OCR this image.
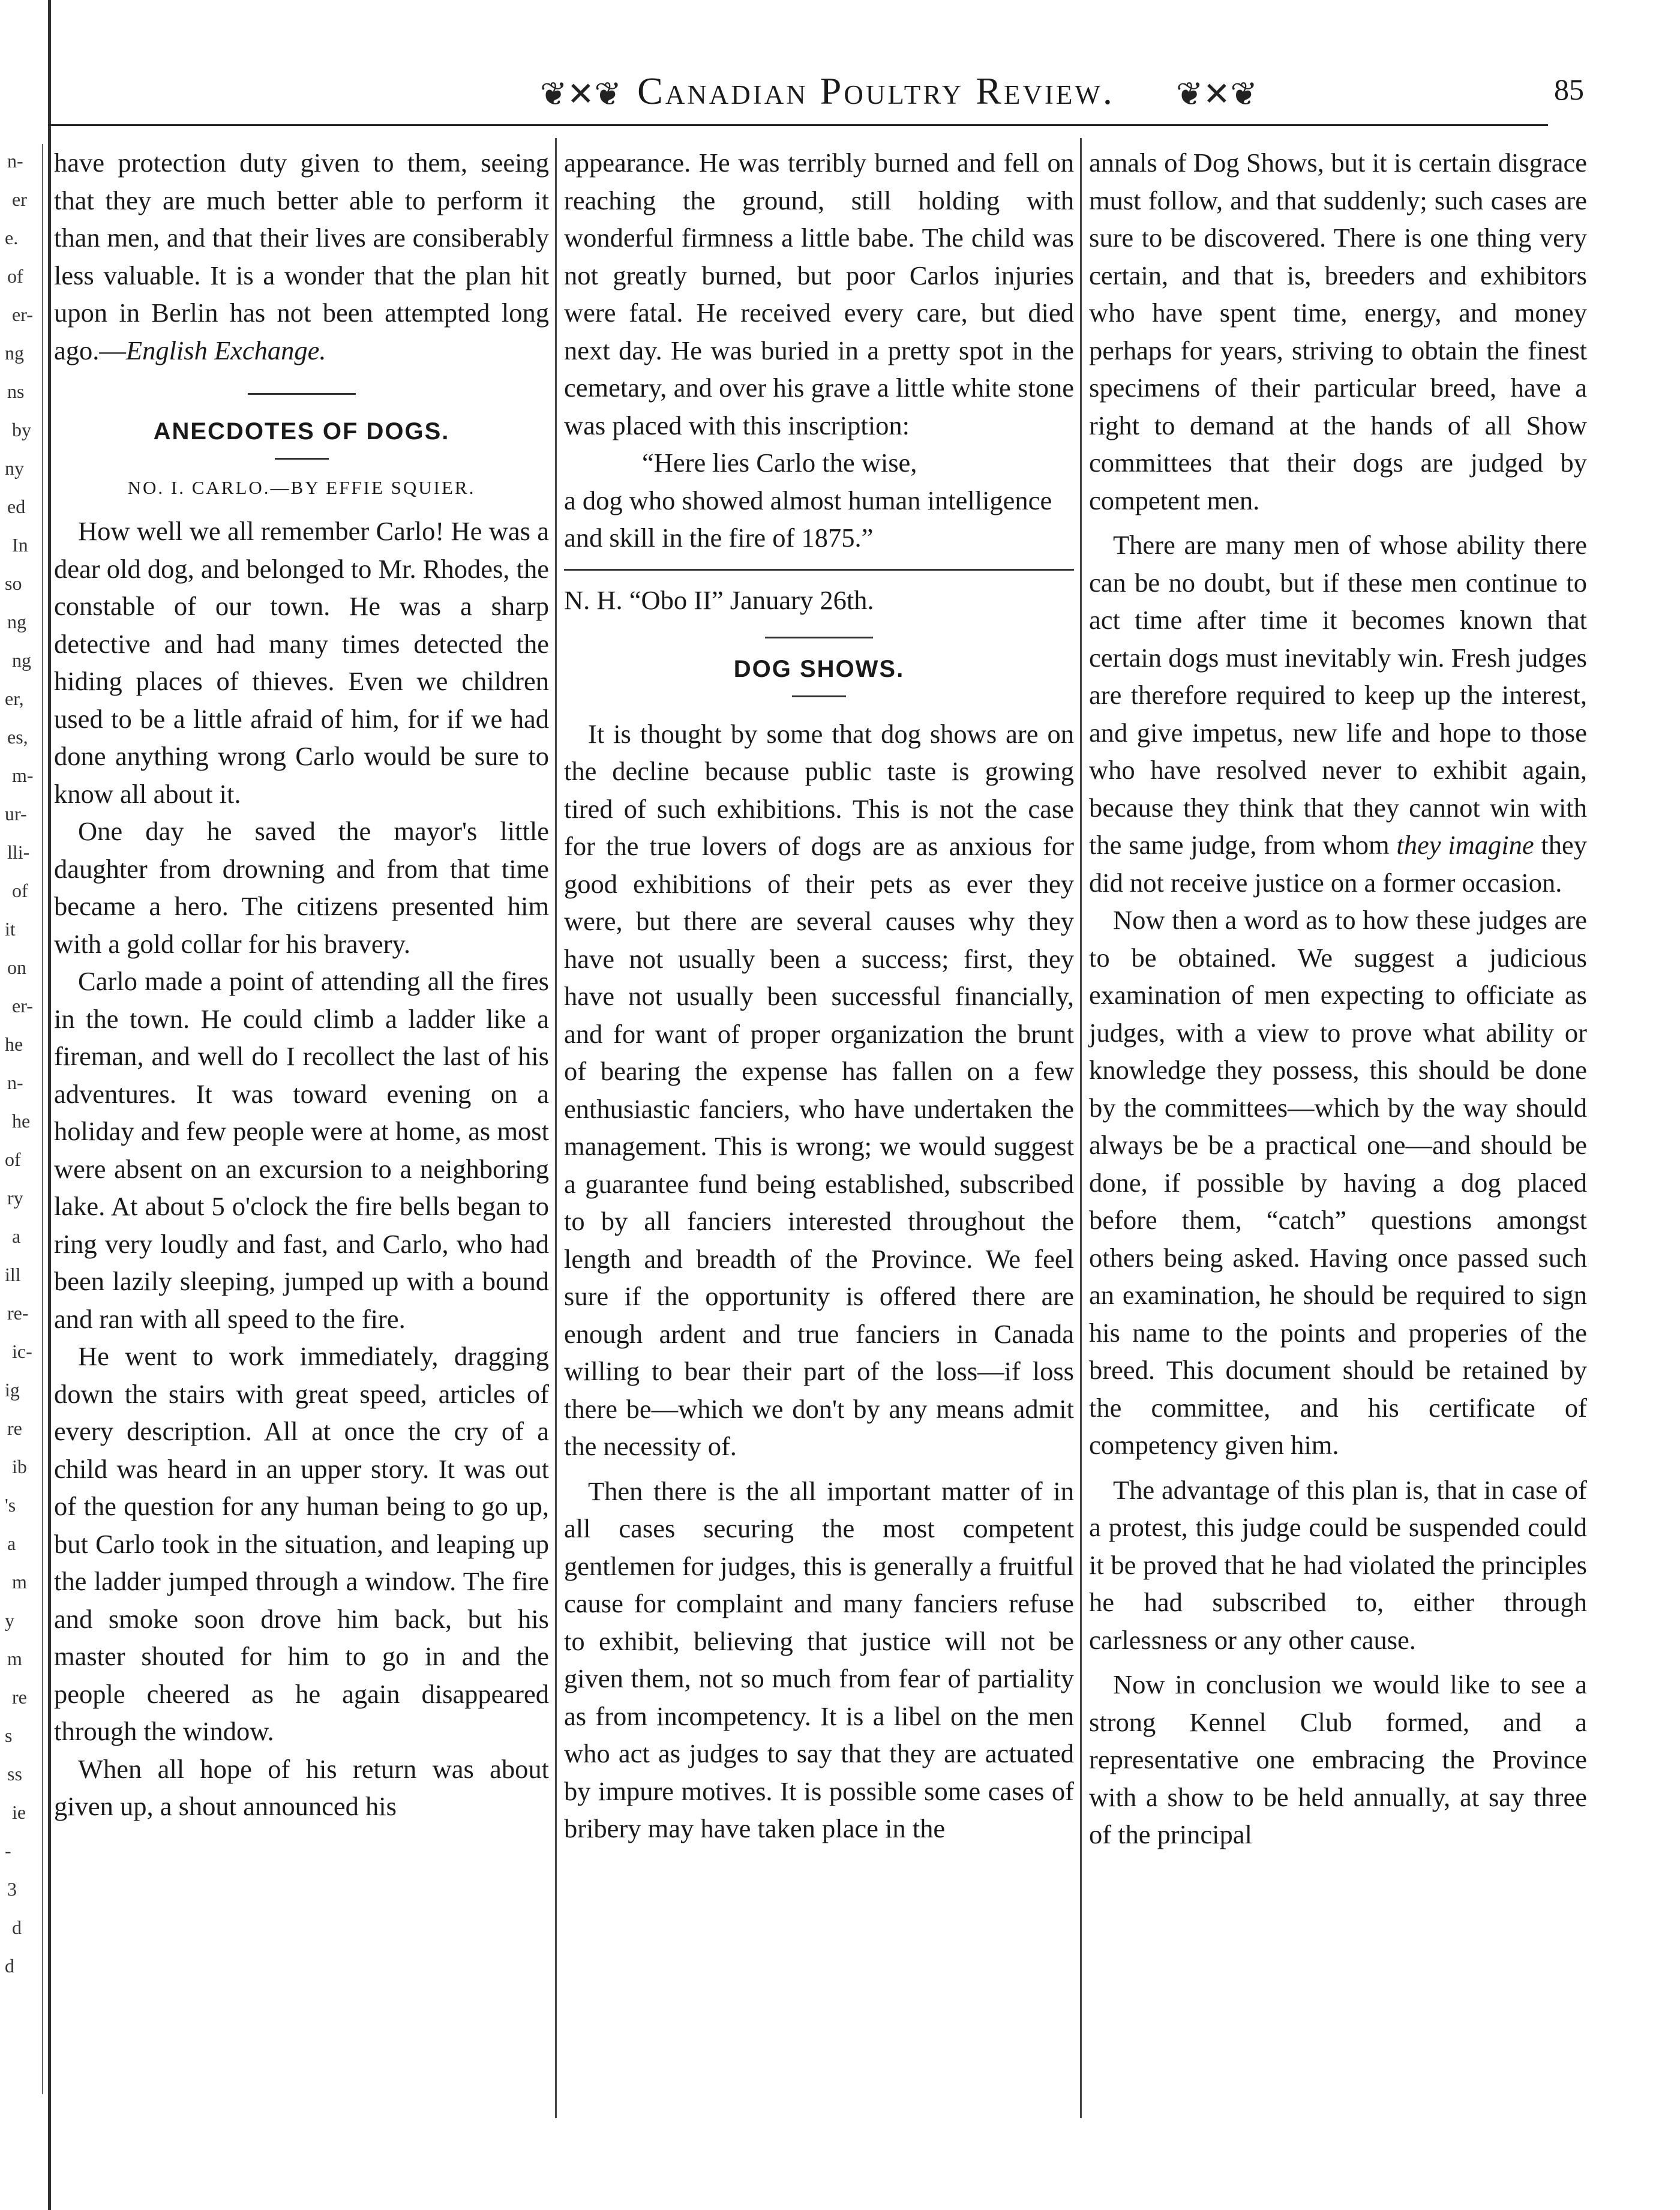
n-
er
e.
of
er-
ng
ns
by
ny
ed
In
so
ng
ng
er,
es,
m-
ur-
lli-
of
it
on
er-
he
n-
he
of
ry
a
ill
re-
ic-
ig
re
ib
's
a
m
y
m
re
s
ss
ie
-
3
d
d
❦✕❦ Canadian Poultry Review.	❦✕❦	85

have protection duty given to them, seeing that they are much better able to perform it than men, and that their lives are consiberably less valuable. It is a wonder that the plan hit upon in Berlin has not been attempted long ago.—English Exchange.

ANECDOTES OF DOGS.
NO. I. CARLO.—BY EFFIE SQUIER.

How well we all remember Carlo! He was a dear old dog, and belonged to Mr. Rhodes, the constable of our town. He was a sharp detective and had many times detected the hiding places of thieves. Even we children used to be a little afraid of him, for if we had done anything wrong Carlo would be sure to know all about it.

One day he saved the mayor's little daughter from drowning and from that time became a hero. The citizens presented him with a gold collar for his bravery.

Carlo made a point of attending all the fires in the town. He could climb a ladder like a fireman, and well do I recollect the last of his adventures. It was toward evening on a holiday and few people were at home, as most were absent on an excursion to a neighboring lake. At about 5 o'clock the fire bells began to ring very loudly and fast, and Carlo, who had been lazily sleeping, jumped up with a bound and ran with all speed to the fire.

He went to work immediately, dragging down the stairs with great speed, articles of every description. All at once the cry of a child was heard in an upper story. It was out of the question for any human being to go up, but Carlo took in the situation, and leaping up the ladder jumped through a window. The fire and smoke soon drove him back, but his master shouted for him to go in and the people cheered as he again disappeared through the window.

When all hope of his return was about given up, a shout announced his

appearance. He was terribly burned and fell on reaching the ground, still holding with wonderful firmness a little babe. The child was not greatly burned, but poor Carlos injuries were fatal. He received every care, but died next day. He was buried in a pretty spot in the cemetary, and over his grave a little white stone was placed with this inscription:

“Here lies Carlo the wise,

a dog who showed almost human intelligence and skill in the fire of 1875.”

N. H. “Obo II” January 26th.

DOG SHOWS.

It is thought by some that dog shows are on the decline because public taste is growing tired of such exhibitions. This is not the case for the true lovers of dogs are as anxious for good exhibitions of their pets as ever they were, but there are several causes why they have not usually been a success; first, they have not usually been successful financially, and for want of proper organization the brunt of bearing the expense has fallen on a few enthusiastic fanciers, who have undertaken the management. This is wrong; we would suggest a guarantee fund being established, subscribed to by all fanciers interested throughout the length and breadth of the Province. We feel sure if the opportunity is offered there are enough ardent and true fanciers in Canada willing to bear their part of the loss—if loss there be—which we don't by any means admit the necessity of.

Then there is the all important matter of in all cases securing the most competent gentlemen for judges, this is generally a fruitful cause for complaint and many fanciers refuse to exhibit, believing that justice will not be given them, not so much from fear of partiality as from incompetency. It is a libel on the men who act as judges to say that they are actuated by impure motives. It is possible some cases of bribery may have taken place in the

annals of Dog Shows, but it is certain disgrace must follow, and that suddenly; such cases are sure to be discovered. There is one thing very certain, and that is, breeders and exhibitors who have spent time, energy, and money perhaps for years, striving to obtain the finest specimens of their particular breed, have a right to demand at the hands of all Show committees that their dogs are judged by competent men.

There are many men of whose ability there can be no doubt, but if these men continue to act time after time it becomes known that certain dogs must inevitably win. Fresh judges are therefore required to keep up the interest, and give impetus, new life and hope to those who have resolved never to exhibit again, because they think that they cannot win with the same judge, from whom they imagine they did not receive justice on a former occasion.

Now then a word as to how these judges are to be obtained. We suggest a judicious examination of men expecting to officiate as judges, with a view to prove what ability or knowledge they possess, this should be done by the committees—which by the way should always be be a practical one—and should be done, if possible by having a dog placed before them, “catch” questions amongst others being asked. Having once passed such an examination, he should be required to sign his name to the points and properies of the breed. This document should be retained by the committee, and his certificate of competency given him.

The advantage of this plan is, that in case of a protest, this judge could be suspended could it be proved that he had violated the principles he had subscribed to, either through carlessness or any other cause.

Now in conclusion we would like to see a strong Kennel Club formed, and a representative one embracing the Province with a show to be held annually, at say three of the principal
